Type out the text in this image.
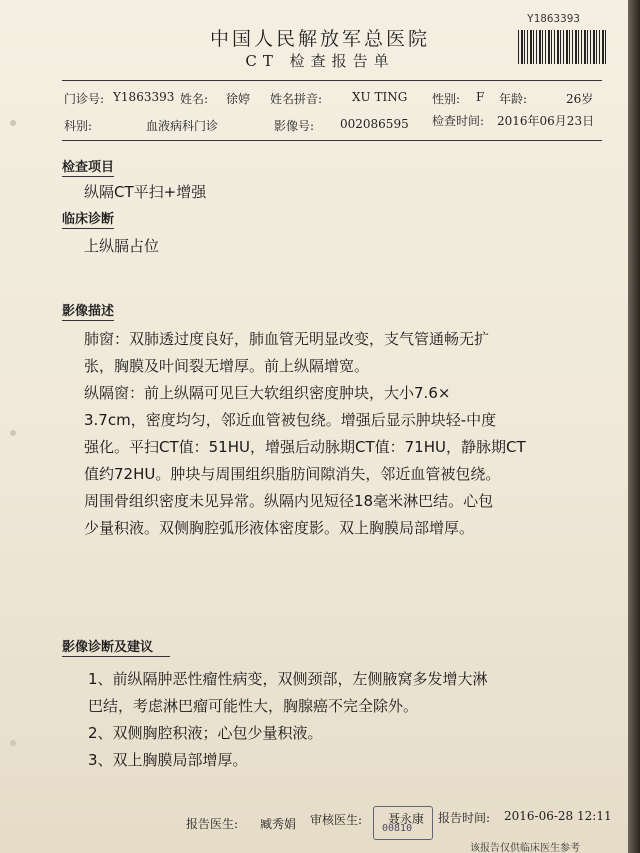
Y1863393
中国人民解放军总医院
CT 检查报告单
门诊号: Y1863393 姓名: 徐婷 姓名拼音: XU TING 性别: F 年龄:	26岁
科别:	血液病科门诊	影像号: 002086595 检查时间: 2016年06月23日
检查项目
纵隔CT平扫+增强
临床诊断
上纵膈占位
影像描述
肺窗：双肺透过度良好，肺血管无明显改变，支气管通畅无扩
张，胸膜及叶间裂无增厚。前上纵隔增宽。
纵隔窗：前上纵隔可见巨大软组织密度肿块，大小7.6×
3.7cm，密度均匀，邻近血管被包绕。增强后显示肿块轻-中度
强化。平扫CT值：51HU，增强后动脉期CT值：71HU，静脉期CT
值约72HU。肿块与周围组织脂肪间隙消失，邻近血管被包绕。
周围骨组织密度未见异常。纵隔内见短径18毫米淋巴结。心包
少量积液。双侧胸腔弧形液体密度影。双上胸膜局部增厚。
影像诊断及建议
1、前纵隔肿恶性瘤性病变，双侧颈部，左侧腋窝多发增大淋
巴结，考虑淋巴瘤可能性大，胸腺癌不完全除外。
2、双侧胸腔积液；心包少量积液。
3、双上胸膜局部增厚。
报告医生: 臧秀娟 审核医生: 聂永康
00810
报告时间: 2016-06-28 12:11
该报告仅供临床医生参考
